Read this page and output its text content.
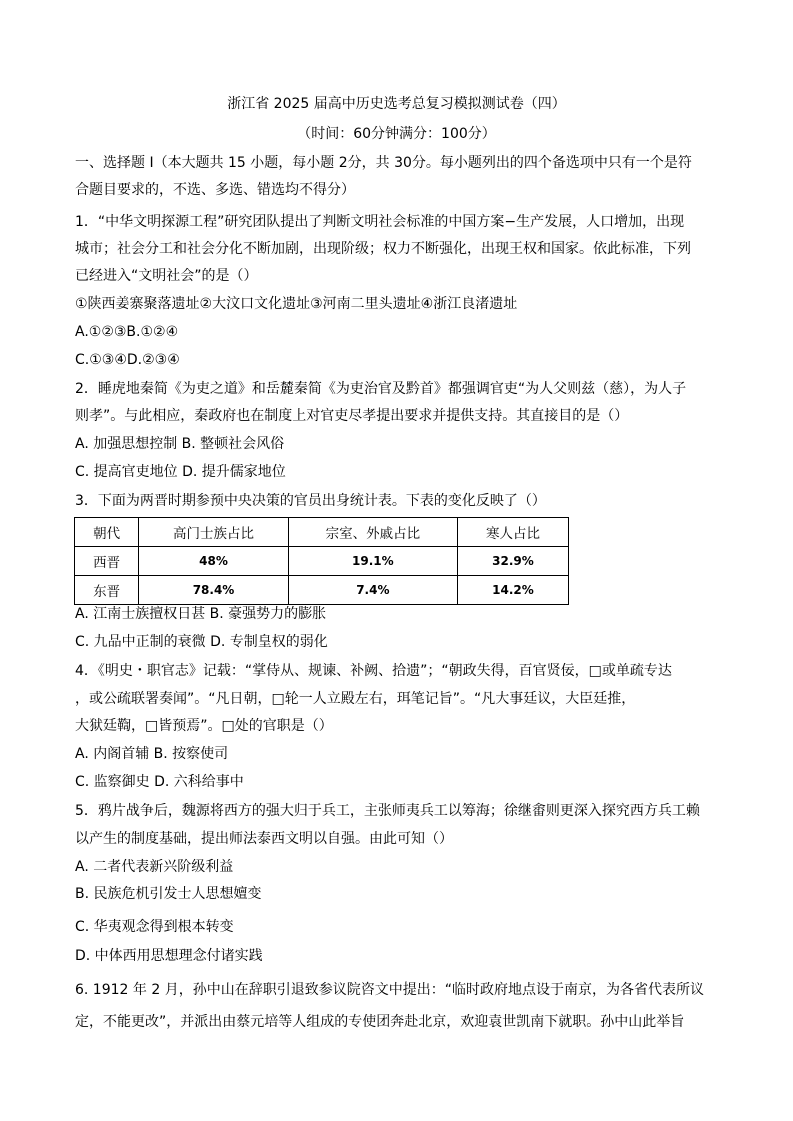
浙江省 2025 届高中历史选考总复习模拟测试卷（四）
（时间：60分钟满分：100分）
一、选择题 I（本大题共 15 小题，每小题 2分，共 30分。每小题列出的四个备选项中只有一个是符
合题目要求的，不选、多选、错选均不得分）
1．“中华文明探源工程”研究团队提出了判断文明社会标准的中国方案−生产发展，人口增加，出现
城市；社会分工和社会分化不断加剧，出现阶级；权力不断强化，出现王权和国家。依此标准，下列
已经进入“文明社会”的是（）
①陕西姜寨聚落遗址②大汶口文化遗址③河南二里头遗址④浙江良渚遗址
A.①②③B.①②④
C.①③④D.②③④
2．睡虎地秦简《为吏之道》和岳麓秦简《为吏治官及黔首》都强调官吏“为人父则兹（慈），为人子
则孝”。与此相应，秦政府也在制度上对官吏尽孝提出要求并提供支持。其直接目的是（）
A. 加强思想控制 B. 整顿社会风俗
C. 提高官吏地位 D. 提升儒家地位
3．下面为两晋时期参预中央决策的官员出身统计表。下表的变化反映了（）
朝代	高门士族占比	宗室、外戚占比	寒人占比
西晋	48%	19.1%	32.9%
东晋	78.4%	7.4%	14.2%
A. 江南士族擅权日甚 B. 豪强势力的膨胀
C. 九品中正制的衰微 D. 专制皇权的弱化
4．《明史・职官志》记载：“掌侍从、规谏、补阙、拾遗”；“朝政失得，百官贤佞，□或单疏专达
，或公疏联署奏闻”。“凡日朝，□轮一人立殿左右，珥笔记旨”。“凡大事廷议，大臣廷推，
大狱廷鞫，□皆预焉”。□处的官职是（）
A. 内阁首辅 B. 按察使司
C. 监察御史 D. 六科给事中
5．鸦片战争后，魏源将西方的强大归于兵工，主张师夷兵工以筹海；徐继畬则更深入探究西方兵工赖
以产生的制度基础，提出师法泰西文明以自强。由此可知（）
A. 二者代表新兴阶级利益
B. 民族危机引发士人思想嬗变
C. 华夷观念得到根本转变
D. 中体西用思想理念付诸实践
6. 1912 年 2 月，孙中山在辞职引退致参议院咨文中提出：“临时政府地点设于南京，为各省代表所议
定，不能更改”，并派出由蔡元培等人组成的专使团奔赴北京，欢迎袁世凯南下就职。孙中山此举旨
